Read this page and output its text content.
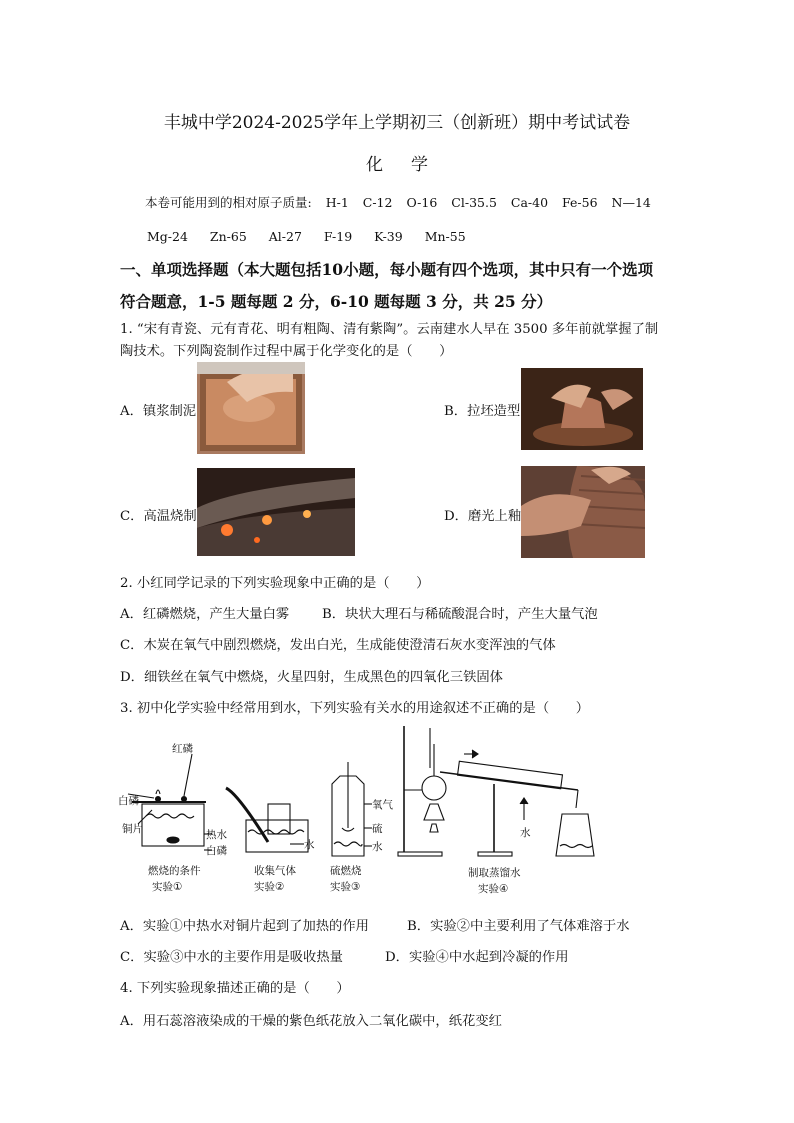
丰城中学2024-2025学年上学期初三（创新班）期中考试试卷
化学
本卷可能用到的相对原子质量: H-1 C-12 O-16 Cl-35.5 Ca-40 Fe-56 N—14
Mg-24 Zn-65 Al-27 F-19 K-39 Mn-55
一、单项选择题（本大题包括10小题，每小题有四个选项，其中只有一个选项
符合题意，1-5 题每题 2 分，6-10 题每题 3 分，共 25 分）
1. “宋有青瓷、元有青花、明有粗陶、清有紫陶”。云南建水人早在 3500 多年前就掌握了制
陶技术。下列陶瓷制作过程中属于化学变化的是（　　）
A．镇浆制泥	B．拉坯造型
C．高温烧制	D．磨光上釉
2. 小红同学记录的下列实验现象中正确的是（　　）
A．红磷燃烧，产生大量白雾 B．块状大理石与稀硫酸混合时，产生大量气泡
C．木炭在氧气中剧烈燃烧，发出白光，生成能使澄清石灰水变浑浊的气体
D．细铁丝在氧气中燃烧，火星四射，生成黑色的四氧化三铁固体
3. 初中化学实验中经常用到水，下列实验有关水的用途叙述不正确的是（　　）
红磷
白磷
铜片	热水
白磷
燃烧的条件
实验①
水
收集气体
实验②
氧气
硫
水
硫燃烧
实验③
水
制取蒸馏水
实验④
A．实验①中热水对铜片起到了加热的作用	B．实验②中主要利用了气体难溶于水
C．实验③中水的主要作用是吸收热量	D．实验④中水起到冷凝的作用
4. 下列实验现象描述正确的是（　　）
A．用石蕊溶液染成的干燥的紫色纸花放入二氧化碳中，纸花变红
